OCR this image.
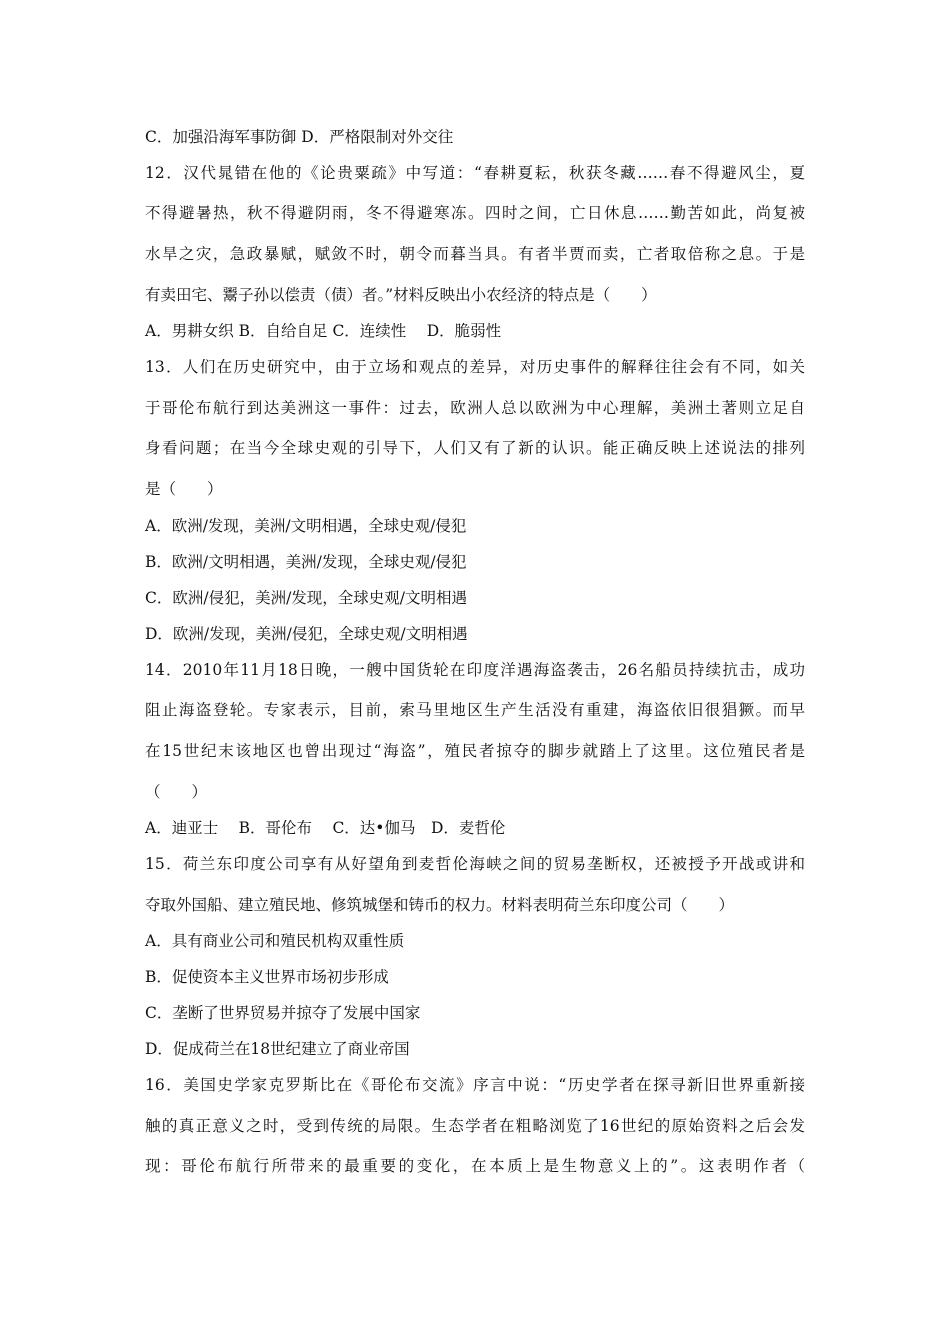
C．加强沿海军事防御 D．严格限制对外交往
12．汉代晁错在他的《论贵粟疏》中写道：“春耕夏耘，秋获冬藏……春不得避风尘，夏
不得避暑热，秋不得避阴雨，冬不得避寒冻。四时之间，亡日休息……勤苦如此，尚复被
水旱之灾，急政暴赋，赋敛不时，朝令而暮当具。有者半贾而卖，亡者取倍称之息。于是
有卖田宅、鬻子孙以偿责（债）者。”材料反映出小农经济的特点是（　　）
A．男耕女织 B．自给自足 C．连续性　 D．脆弱性
13．人们在历史研究中，由于立场和观点的差异，对历史事件的解释往往会有不同，如关
于哥伦布航行到达美洲这一事件：过去，欧洲人总以欧洲为中心理解，美洲土著则立足自
身看问题；在当今全球史观的引导下，人们又有了新的认识。能正确反映上述说法的排列
是（　　）
A．欧洲/发现，美洲/文明相遇，全球史观/侵犯
B．欧洲/文明相遇，美洲/发现，全球史观/侵犯
C．欧洲/侵犯，美洲/发现，全球史观/文明相遇
D．欧洲/发现，美洲/侵犯，全球史观/文明相遇
14．2010年11月18日晚，一艘中国货轮在印度洋遇海盗袭击，26名船员持续抗击，成功
阻止海盗登轮。专家表示，目前，索马里地区生产生活没有重建，海盗依旧很猖獗。而早
在15世纪末该地区也曾出现过“海盗”，殖民者掠夺的脚步就踏上了这里。这位殖民者是
（　　）
A．迪亚士　 B．哥伦布　 C．达•伽马　D．麦哲伦
15．荷兰东印度公司享有从好望角到麦哲伦海峡之间的贸易垄断权，还被授予开战或讲和
夺取外国船、建立殖民地、修筑城堡和铸币的权力。材料表明荷兰东印度公司（　　）
A．具有商业公司和殖民机构双重性质
B．促使资本主义世界市场初步形成
C．垄断了世界贸易并掠夺了发展中国家
D．促成荷兰在18世纪建立了商业帝国
16．美国史学家克罗斯比在《哥伦布交流》序言中说：“历史学者在探寻新旧世界重新接
触的真正意义之时，受到传统的局限。生态学者在粗略浏览了16世纪的原始资料之后会发
现：哥伦布航行所带来的最重要的变化，在本质上是生物意义上的”。这表明作者（
